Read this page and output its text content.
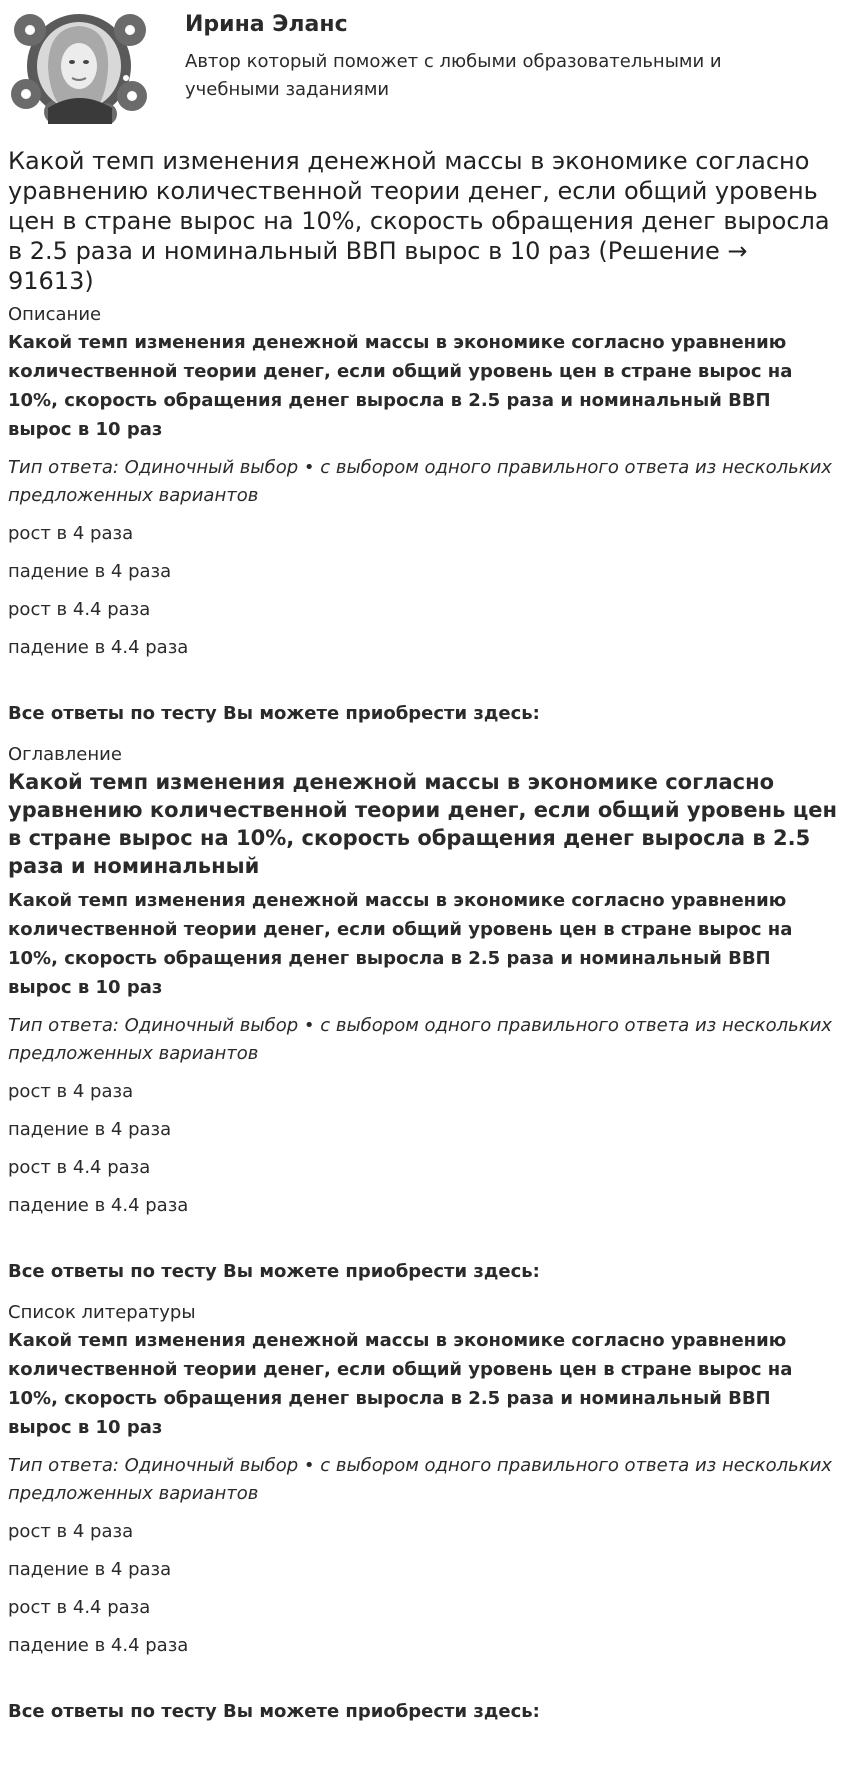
Ирина Эланс

Автор который поможет с любыми образовательными и учебными заданиями

Какой темп изменения денежной массы в экономике согласно уравнению количественной теории денег, если общий уровень цен в стране вырос на 10%, скорость обращения денег выросла в 2.5 раза и номинальный ВВП вырос в 10 раз (Решение → 91613)

Описание

Какой темп изменения денежной массы в экономике согласно уравнению количественной теории денег, если общий уровень цен в стране вырос на 10%, скорость обращения денег выросла в 2.5 раза и номинальный ВВП вырос в 10 раз

Тип ответа: Одиночный выбор • с выбором одного правильного ответа из нескольких предложенных вариантов

рост в 4 раза

падение в 4 раза

рост в 4.4 раза

падение в 4.4 раза

Все ответы по тесту Вы можете приобрести здесь:

Оглавление

Какой темп изменения денежной массы в экономике согласно уравнению количественной теории денег, если общий уровень цен в стране вырос на 10%, скорость обращения денег выросла в 2.5 раза и номинальный

Какой темп изменения денежной массы в экономике согласно уравнению количественной теории денег, если общий уровень цен в стране вырос на 10%, скорость обращения денег выросла в 2.5 раза и номинальный ВВП вырос в 10 раз

Тип ответа: Одиночный выбор • с выбором одного правильного ответа из нескольких предложенных вариантов

рост в 4 раза

падение в 4 раза

рост в 4.4 раза

падение в 4.4 раза

Все ответы по тесту Вы можете приобрести здесь:

Список литературы

Какой темп изменения денежной массы в экономике согласно уравнению количественной теории денег, если общий уровень цен в стране вырос на 10%, скорость обращения денег выросла в 2.5 раза и номинальный ВВП вырос в 10 раз

Тип ответа: Одиночный выбор • с выбором одного правильного ответа из нескольких предложенных вариантов

рост в 4 раза

падение в 4 раза

рост в 4.4 раза

падение в 4.4 раза

Все ответы по тесту Вы можете приобрести здесь:
